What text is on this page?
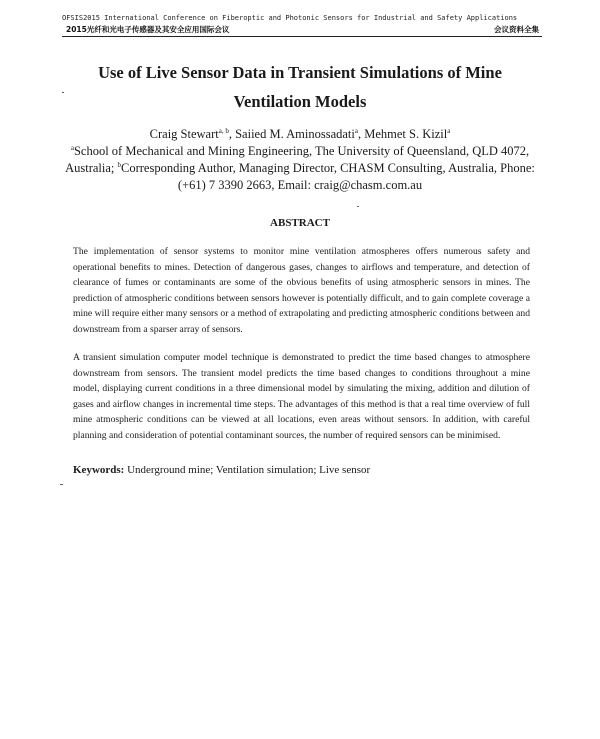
OFSIS2015 International Conference on Fiberoptic and Photonic Sensors for Industrial and Safety Applications
2015光纤和光电子传感器及其安全应用国际会议	会议资料全集
Use of Live Sensor Data in Transient Simulations of Mine
Ventilation Models
Craig Stewart$^{a, b}$, Saiied M. Aminossadati$^a$, Mehmet S. Kizil$^a$
$^a$School of Mechanical and Mining Engineering, The University of Queensland, QLD 4072,
Australia; $^b$Corresponding Author, Managing Director, CHASM Consulting, Australia, Phone:
(+61) 7 3390 2663, Email: craig@chasm.com.au
ABSTRACT
The implementation of sensor systems to monitor mine ventilation atmospheres offers numerous safety and operational benefits to mines. Detection of dangerous gases, changes to airflows and temperature, and detection of clearance of fumes or contaminants are some of the obvious benefits of using atmospheric sensors in mines. The prediction of atmospheric conditions between sensors however is potentially difficult, and to gain complete coverage a mine will require either many sensors or a method of extrapolating and predicting atmospheric conditions between and downstream from a sparser array of sensors.
A transient simulation computer model technique is demonstrated to predict the time based changes to atmosphere downstream from sensors. The transient model predicts the time based changes to conditions throughout a mine model, displaying current conditions in a three dimensional model by simulating the mixing, addition and dilution of gases and airflow changes in incremental time steps. The advantages of this method is that a real time overview of full mine atmospheric conditions can be viewed at all locations, even areas without sensors. In addition, with careful planning and consideration of potential contaminant sources, the number of required sensors can be minimised.
Keywords: Underground mine; Ventilation simulation; Live sensor
